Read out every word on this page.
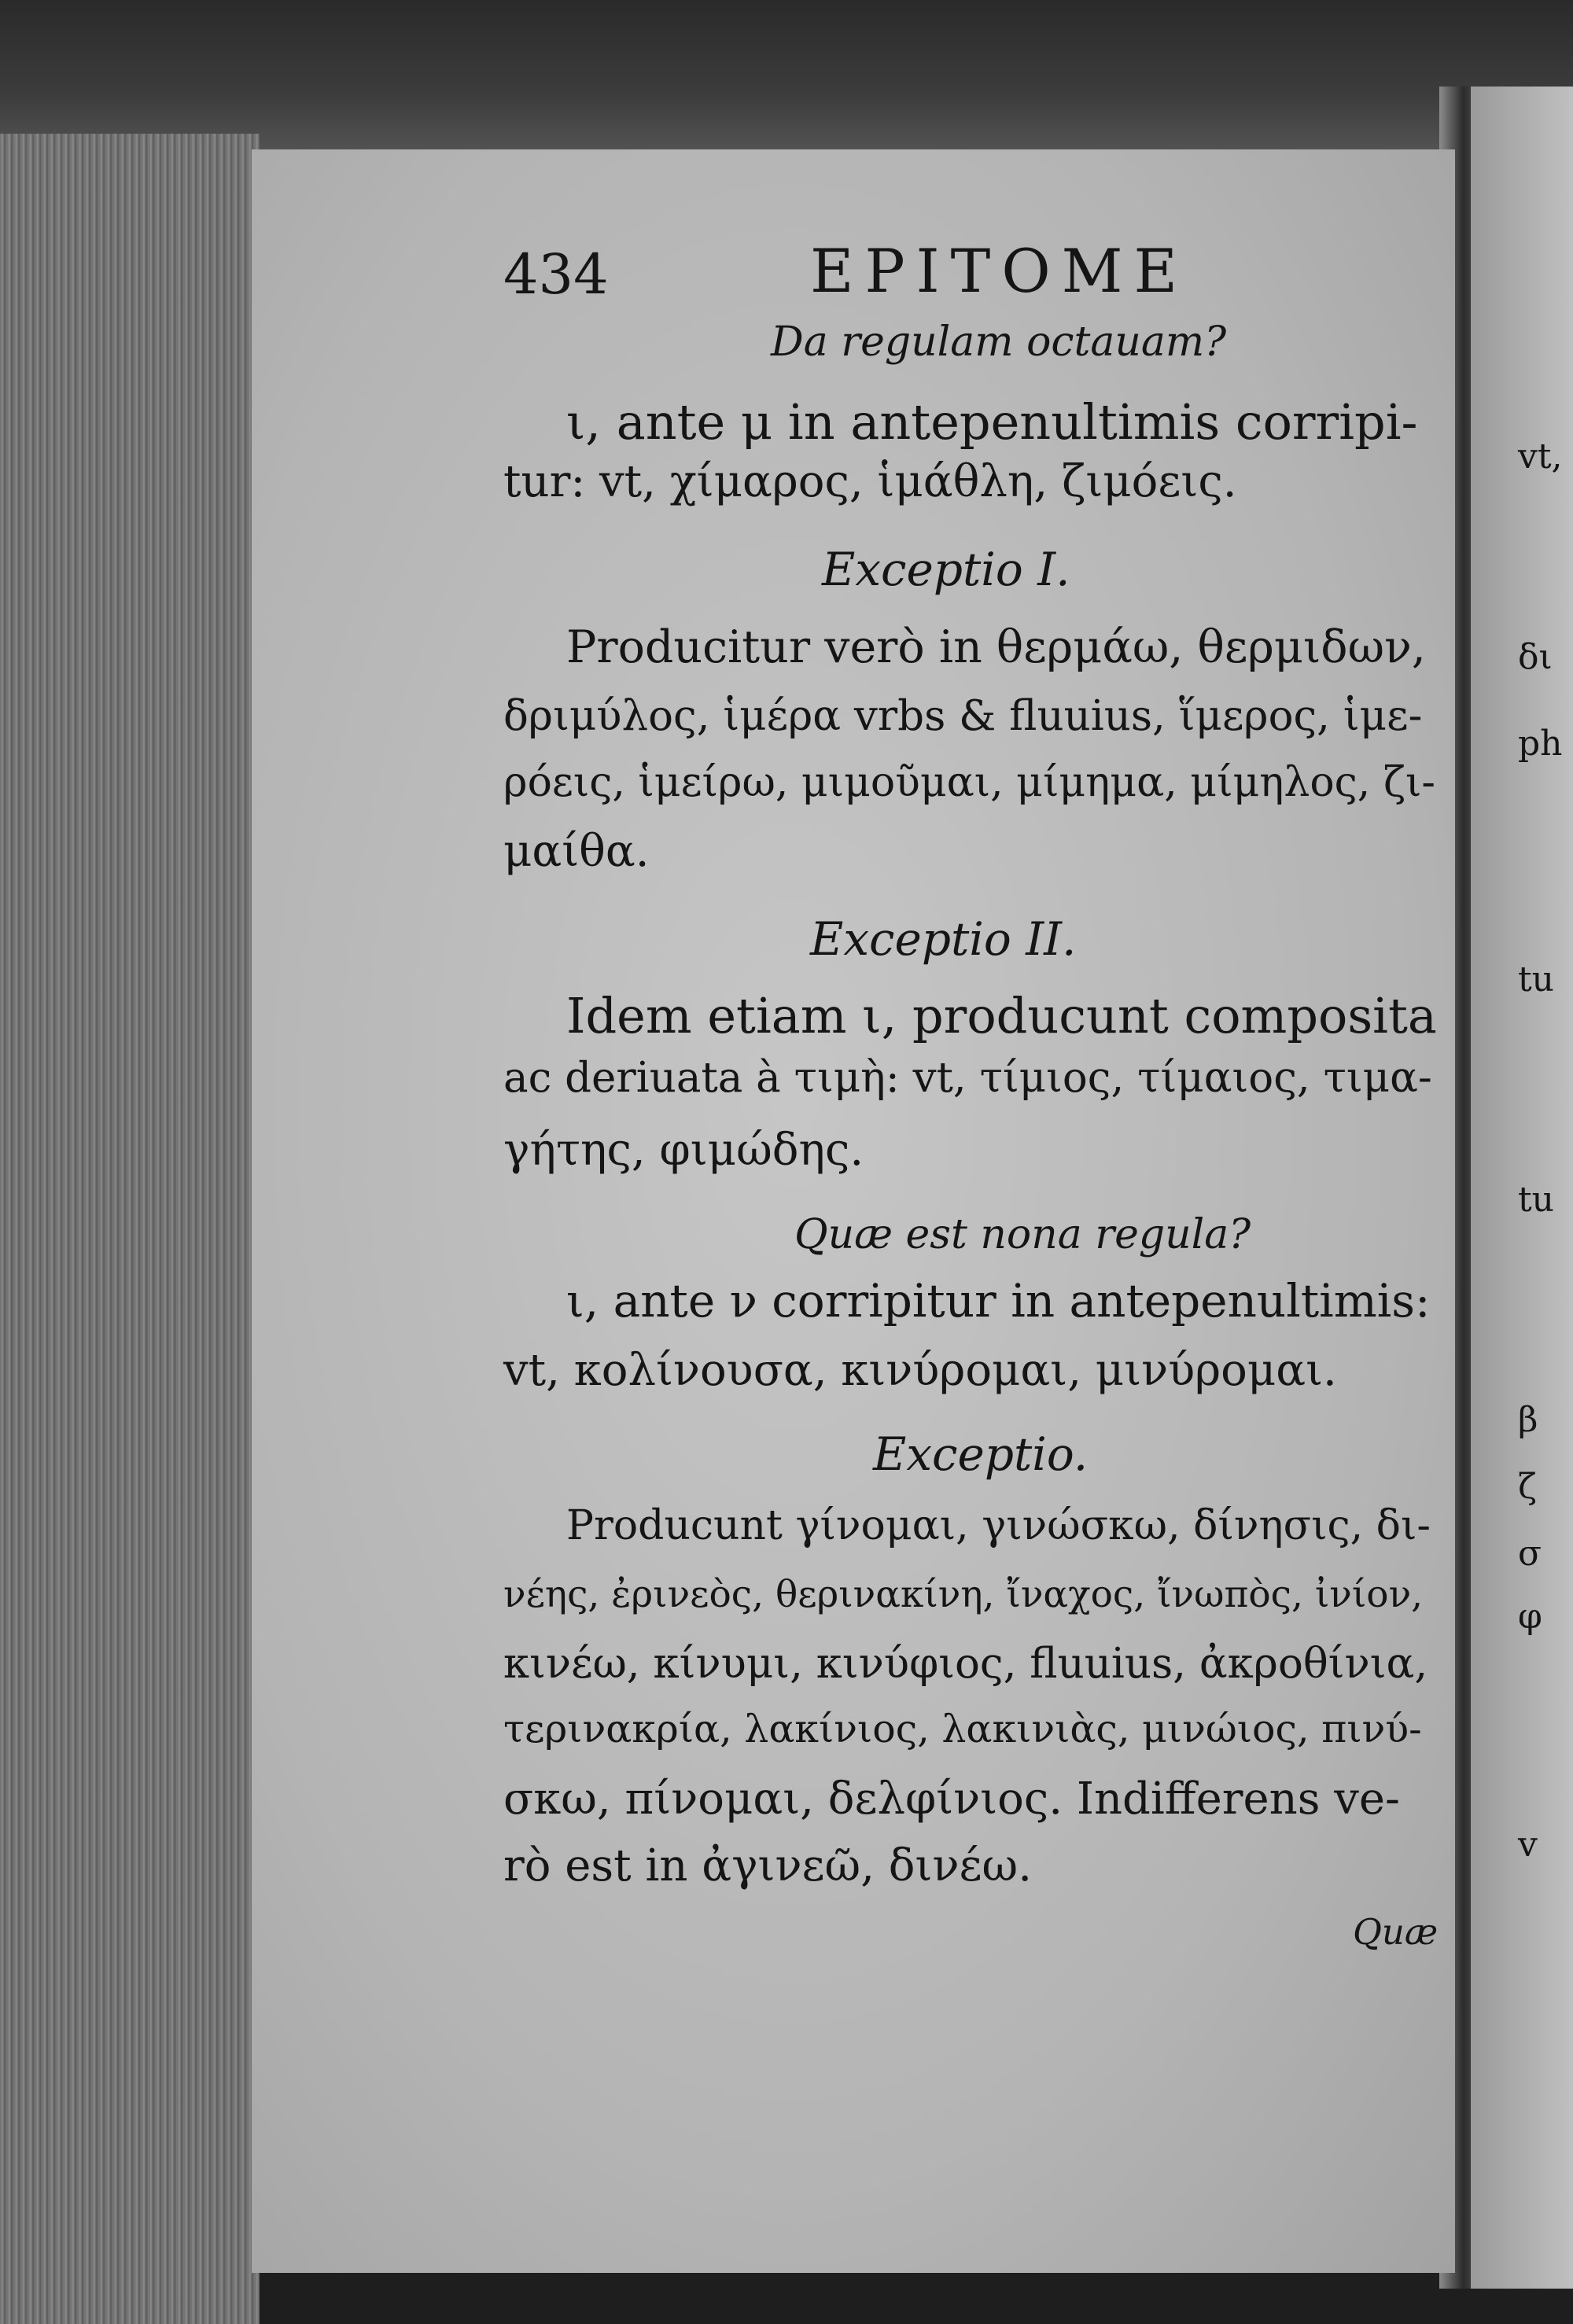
vt,
δι
ph
tu
tu
β
ζ
σ
φ
v
434	EPITOME
Da regulam octauam?
ι, ante μ in antepenultimis corripi-
tur: vt, χίμαρος, ἱμάθλη, ζιμόεις.
Exceptio I.
Producitur verò in θερμάω, θερμιδων,
δριμύλος, ἱμέρα vrbs & fluuius, ἵμερος, ἱμε-
ρόεις, ἱμείρω, μιμοῦμαι, μίμημα, μίμηλος, ζι-
μαίθα.
Exceptio II.
Idem etiam ι, producunt composita
ac deriuata à τιμὴ: vt, τίμιος, τίμαιος, τιμα-
γήτης, φιμώδης.
Quæ est nona regula?
ι, ante ν corripitur in antepenultimis:
vt, κολίνουσα, κινύρομαι, μινύρομαι.
Exceptio.
Producunt γίνομαι, γινώσκω, δίνησις, δι-
νέης, ἐρινεὸς, θερινακίνη, ἴναχος, ἴνωπὸς, ἰνίον,
κινέω, κίνυμι, κινύφιος, fluuius, ἀκροθίνια,
τερινακρία, λακίνιος, λακινιὰς, μινώιος, πινύ-
σκω, πίνομαι, δελφίνιος. Indifferens ve-
rò est in ἀγινεῶ, δινέω.
Quæ
